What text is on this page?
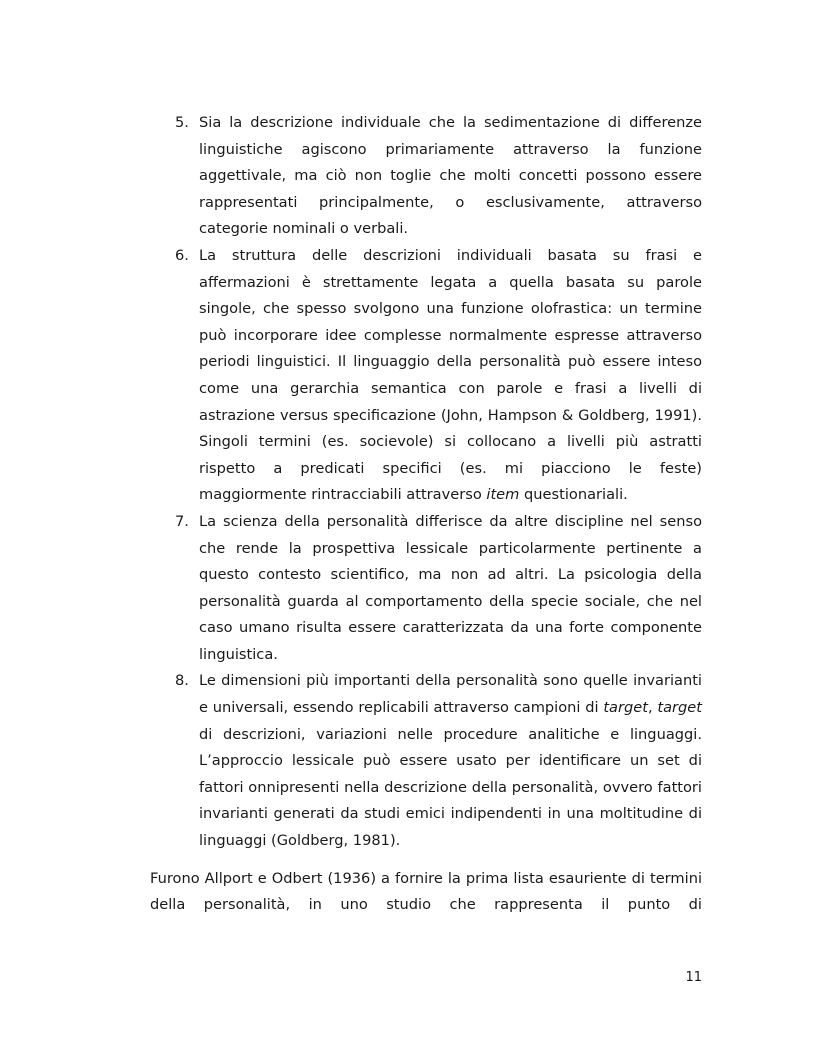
5. Sia la descrizione individuale che la sedimentazione di differenze linguistiche agiscono primariamente attraverso la funzione aggettivale, ma ciò non toglie che molti concetti possono essere rappresentati principalmente, o esclusivamente, attraverso categorie nominali o verbali.
6. La struttura delle descrizioni individuali basata su frasi e affermazioni è strettamente legata a quella basata su parole singole, che spesso svolgono una funzione olofrastica: un termine può incorporare idee complesse normalmente espresse attraverso periodi linguistici. Il linguaggio della personalità può essere inteso come una gerarchia semantica con parole e frasi a livelli di astrazione versus specificazione (John, Hampson & Goldberg, 1991). Singoli termini (es. socievole) si collocano a livelli più astratti rispetto a predicati specifici (es. mi piacciono le feste) maggiormente rintracciabili attraverso item questionariali.
7. La scienza della personalità differisce da altre discipline nel senso che rende la prospettiva lessicale particolarmente pertinente a questo contesto scientifico, ma non ad altri. La psicologia della personalità guarda al comportamento della specie sociale, che nel caso umano risulta essere caratterizzata da una forte componente linguistica.
8. Le dimensioni più importanti della personalità sono quelle invarianti e universali, essendo replicabili attraverso campioni di target, target di descrizioni, variazioni nelle procedure analitiche e linguaggi. L’approccio lessicale può essere usato per identificare un set di fattori onnipresenti nella descrizione della personalità, ovvero fattori invarianti generati da studi emici indipendenti in una moltitudine di linguaggi (Goldberg, 1981).

Furono Allport e Odbert (1936) a fornire la prima lista esauriente di termini della personalità, in uno studio che rappresenta il punto di

11
